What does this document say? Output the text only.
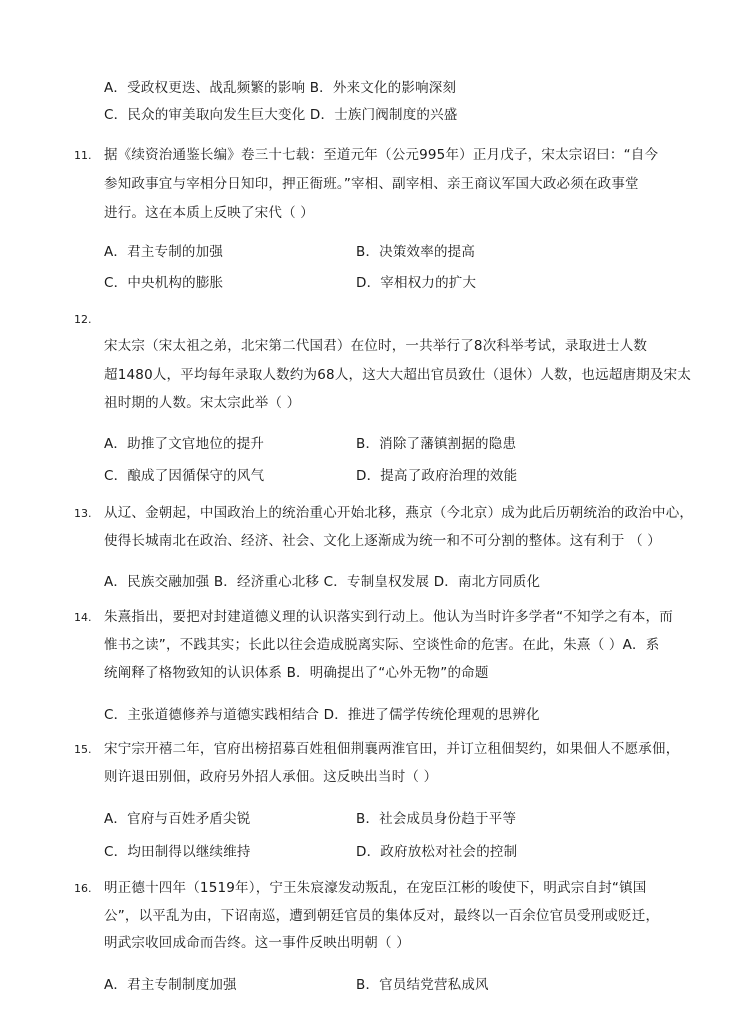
A．受政权更迭、战乱频繁的影响 B．外来文化的影响深刻
C．民众的审美取向发生巨大变化 D．士族门阀制度的兴盛
11. 据《续资治通鉴长编》卷三十七载：至道元年（公元995年）正月戊子，宋太宗诏曰：“自今
参知政事宜与宰相分日知印，押正衙班。”宰相、副宰相、亲王商议军国大政必须在政事堂
进行。这在本质上反映了宋代（ ）
A．君主专制的加强	B．决策效率的提高
C．中央机构的膨胀	D．宰相权力的扩大
12.
宋太宗（宋太祖之弟，北宋第二代国君）在位时，一共举行了8次科举考试，录取进士人数
超1480人，平均每年录取人数约为68人，这大大超出官员致仕（退休）人数，也远超唐期及宋太
祖时期的人数。宋太宗此举（ ）
A．助推了文官地位的提升	B．消除了藩镇割据的隐患
C．酿成了因循保守的风气	D．提高了政府治理的效能
13. 从辽、金朝起，中国政治上的统治重心开始北移，燕京（今北京）成为此后历朝统治的政治中心，
使得长城南北在政治、经济、社会、文化上逐渐成为统一和不可分割的整体。这有利于 （ ）
A．民族交融加强 B．经济重心北移 C．专制皇权发展 D．南北方同质化
14. 朱熹指出，要把对封建道德义理的认识落实到行动上。他认为当时许多学者“不知学之有本，而
惟书之读”，不践其实；长此以往会造成脱离实际、空谈性命的危害。在此，朱熹（ ）A．系
统阐释了格物致知的认识体系 B．明确提出了“心外无物”的命题
C．主张道德修养与道德实践相结合 D．推进了儒学传统伦理观的思辨化
15. 宋宁宗开禧二年，官府出榜招募百姓租佃荆襄两淮官田，并订立租佃契约，如果佃人不愿承佃，
则许退田别佃，政府另外招人承佃。这反映出当时（ ）
A．官府与百姓矛盾尖锐	B．社会成员身份趋于平等
C．均田制得以继续维持	D．政府放松对社会的控制
16. 明正德十四年（1519年），宁王朱宸濠发动叛乱，在宠臣江彬的唆使下，明武宗自封“镇国
公”，以平乱为由，下诏南巡，遭到朝廷官员的集体反对，最终以一百余位官员受刑或贬迁，
明武宗收回成命而告终。这一事件反映出明朝（ ）
A．君主专制制度加强	B．官员结党营私成风
